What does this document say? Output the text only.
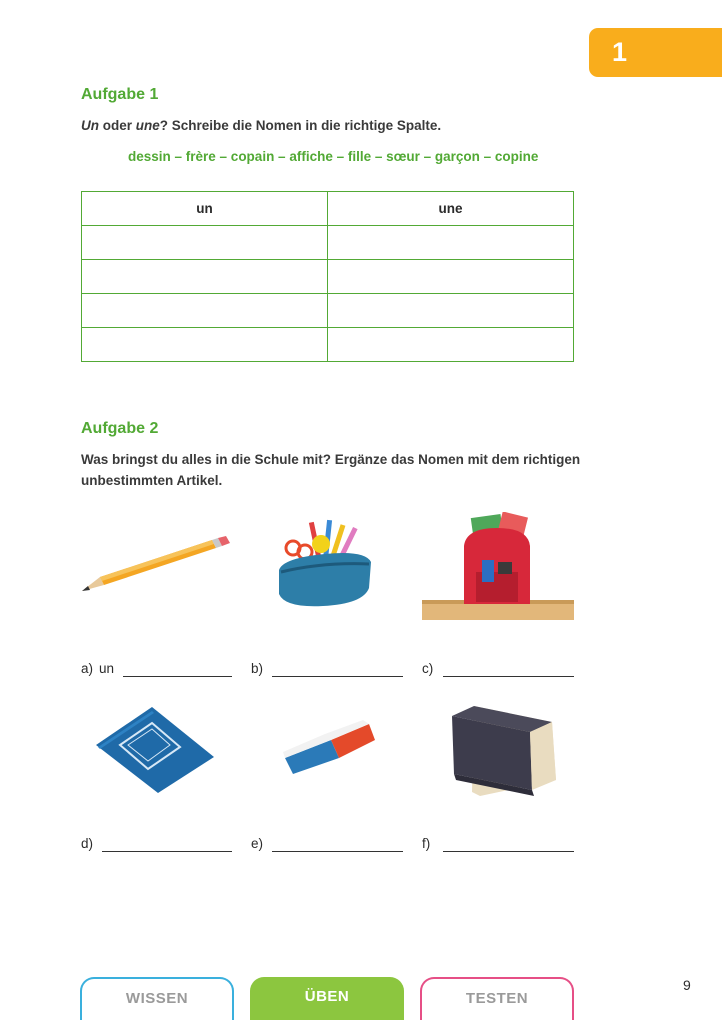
1
Aufgabe 1
Un oder une? Schreibe die Nomen in die richtige Spalte.
dessin – frère – copain – affiche – fille – sœur – garçon – copine
un	une

Aufgabe 2
Was bringst du alles in die Schule mit? Ergänze das Nomen mit dem richtigen
unbestimmten Artikel.
a) un	b)	c)
d)	e)	f)
WISSEN	ÜBEN	TESTEN
9
